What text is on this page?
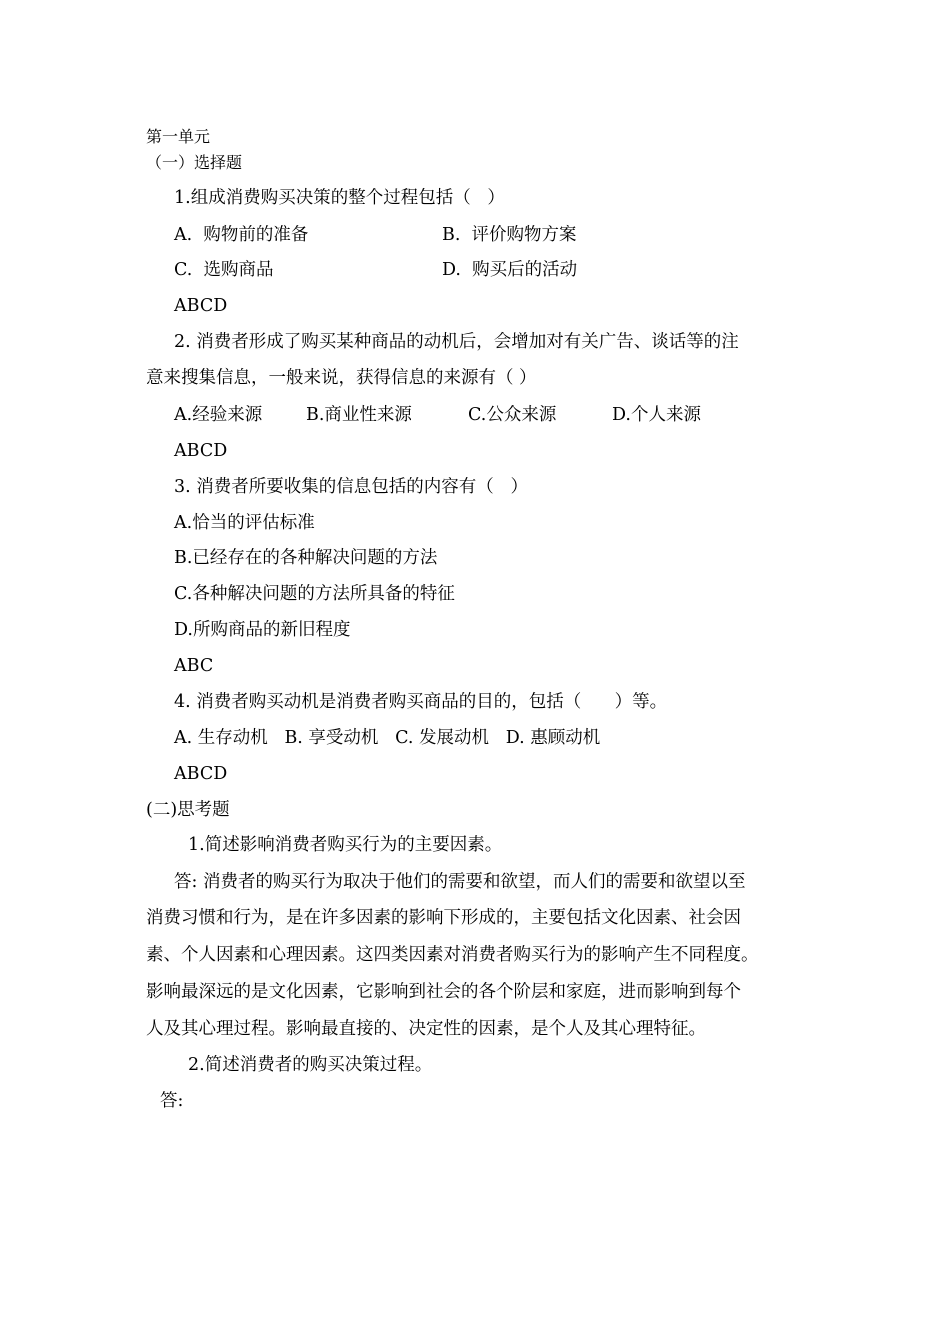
第一单元
（一）选择题
1.组成消费购买决策的整个过程包括（   ）
A.  购物前的准备	B.  评价购物方案
C.  选购商品	D.  购买后的活动
ABCD
2. 消费者形成了购买某种商品的动机后，会增加对有关广告、谈话等的注
意来搜集信息，一般来说，获得信息的来源有（ ）
A.经验来源	B.商业性来源	C.公众来源	D.个人来源
ABCD
3. 消费者所要收集的信息包括的内容有（   ）
A.恰当的评估标准
B.已经存在的各种解决问题的方法
C.各种解决问题的方法所具备的特征
D.所购商品的新旧程度
ABC
4. 消费者购买动机是消费者购买商品的目的，包括（      ）等。
A. 生存动机   B. 享受动机   C. 发展动机   D. 惠顾动机
ABCD
(二)思考题
1.简述影响消费者购买行为的主要因素。
答: 消费者的购买行为取决于他们的需要和欲望，而人们的需要和欲望以至
消费习惯和行为，是在许多因素的影响下形成的，主要包括文化因素、社会因
素、个人因素和心理因素。这四类因素对消费者购买行为的影响产生不同程度。
影响最深远的是文化因素，它影响到社会的各个阶层和家庭，进而影响到每个
人及其心理过程。影响最直接的、决定性的因素，是个人及其心理特征。
2.简述消费者的购买决策过程。
答:
